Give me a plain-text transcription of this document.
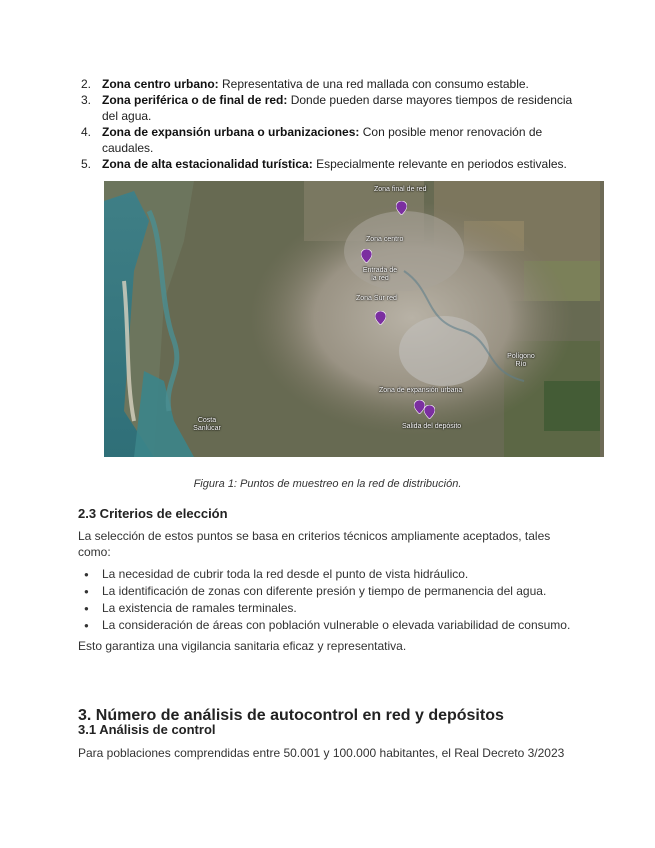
2. Zona centro urbano: Representativa de una red mallada con consumo estable.
3. Zona periférica o de final de red: Donde pueden darse mayores tiempos de residencia del agua.
4. Zona de expansión urbana o urbanizaciones: Con posible menor renovación de caudales.
5. Zona de alta estacionalidad turística: Especialmente relevante en periodos estivales.
Zona final de red
Zona centro
Entrada de la red
Zona Sur red
Zona de expansión urbana
Salida del depósito
Polígono
Río
Costa
Sanlúcar
Figura 1: Puntos de muestreo en la red de distribución.
2.3 Criterios de elección

La selección de estos puntos se basa en criterios técnicos ampliamente aceptados, tales como:

● La necesidad de cubrir toda la red desde el punto de vista hidráulico.
● La identificación de zonas con diferente presión y tiempo de permanencia del agua.
● La existencia de ramales terminales.
● La consideración de áreas con población vulnerable o elevada variabilidad de consumo.

Esto garantiza una vigilancia sanitaria eficaz y representativa.

3. Número de análisis de autocontrol en red y depósitos
3.1 Análisis de control

Para poblaciones comprendidas entre 50.001 y 100.000 habitantes, el Real Decreto 3/2023
